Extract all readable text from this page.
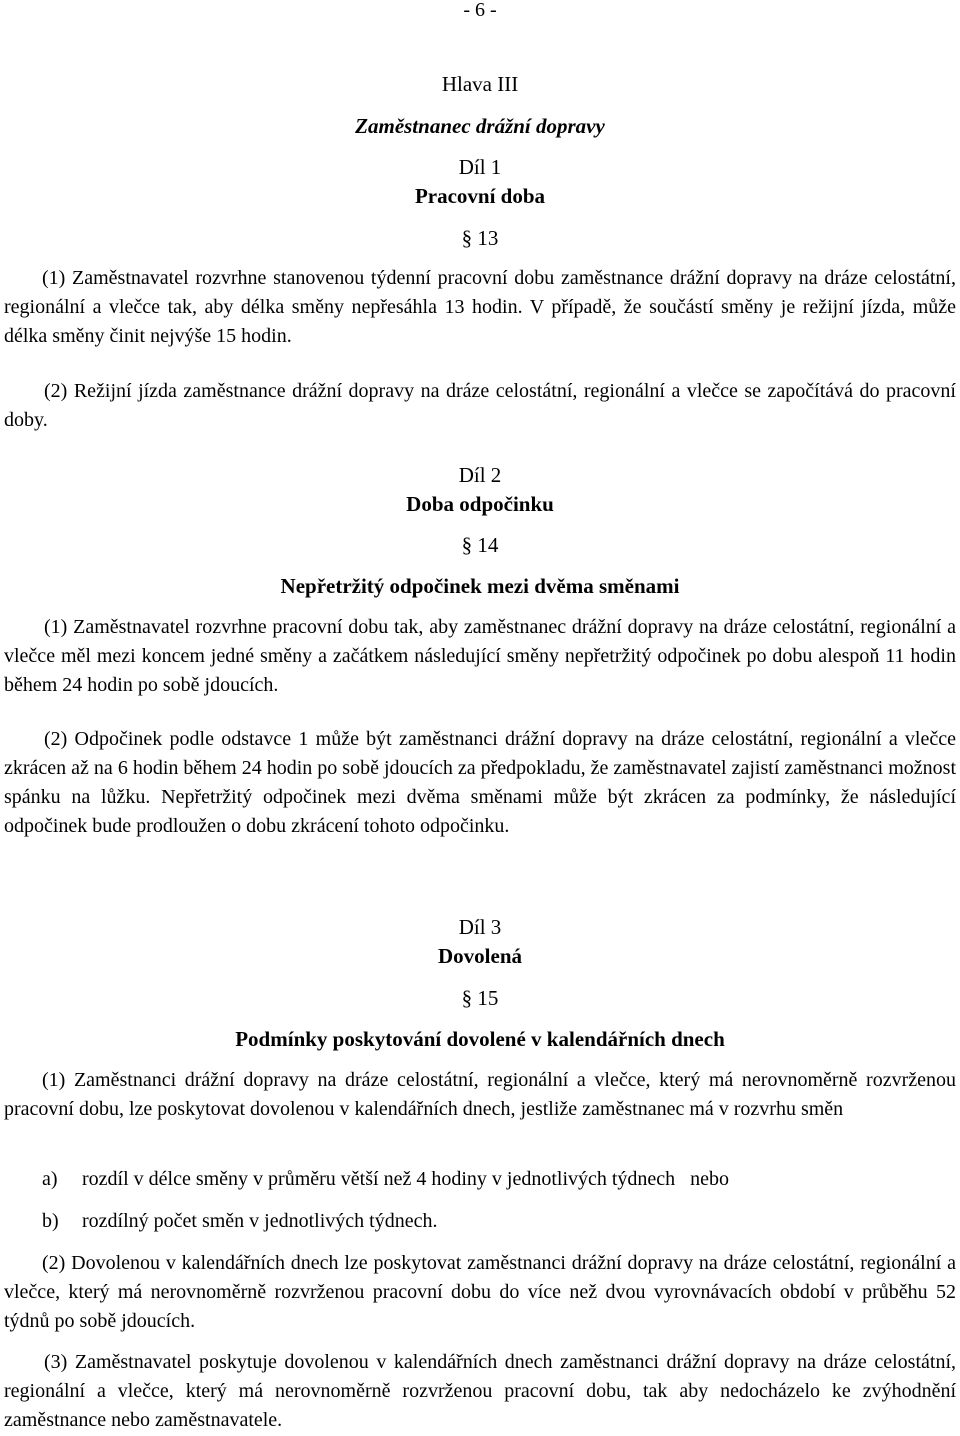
- 6 -

Hlava III

Zaměstnanec drážní dopravy

Díl 1

Pracovní doba

§ 13

(1) Zaměstnavatel rozvrhne stanovenou týdenní pracovní dobu zaměstnance drážní dopravy na dráze celostátní, regionální a vlečce tak, aby délka směny nepřesáhla 13 hodin. V případě, že součástí směny je režijní jízda, může délka směny činit nejvýše 15 hodin.

(2) Režijní jízda zaměstnance drážní dopravy na dráze celostátní, regionální a vlečce se započítává do pracovní doby.

Díl 2

Doba odpočinku

§ 14

Nepřetržitý odpočinek mezi dvěma směnami

(1) Zaměstnavatel rozvrhne pracovní dobu tak, aby zaměstnanec drážní dopravy na dráze celostátní, regionální a vlečce měl mezi koncem jedné směny a začátkem následující směny nepřetržitý odpočinek po dobu alespoň 11 hodin během 24 hodin po sobě jdoucích.

(2) Odpočinek podle odstavce 1 může být zaměstnanci drážní dopravy na dráze celostátní, regionální a vlečce zkrácen až na 6 hodin během 24 hodin po sobě jdoucích za předpokladu, že zaměstnavatel zajistí zaměstnanci možnost spánku na lůžku. Nepřetržitý odpočinek mezi dvěma směnami může být zkrácen za podmínky, že následující odpočinek bude prodloužen o dobu zkrácení tohoto odpočinku.

Díl 3

Dovolená

§ 15

Podmínky poskytování dovolené v kalendářních dnech

(1) Zaměstnanci drážní dopravy na dráze celostátní, regionální a vlečce, který má nerovnoměrně rozvrženou pracovní dobu, lze poskytovat dovolenou v kalendářních dnech, jestliže zaměstnanec má v rozvrhu směn

a) rozdíl v délce směny v průměru větší než 4 hodiny v jednotlivých týdnech   nebo

b) rozdílný počet směn v jednotlivých týdnech.

(2) Dovolenou v kalendářních dnech lze poskytovat zaměstnanci drážní dopravy na dráze celostátní, regionální a vlečce, který má nerovnoměrně rozvrženou pracovní dobu do více než dvou vyrovnávacích období v průběhu 52 týdnů po sobě jdoucích.

(3) Zaměstnavatel poskytuje dovolenou v kalendářních dnech zaměstnanci drážní dopravy na dráze celostátní, regionální a vlečce, který má nerovnoměrně rozvrženou pracovní dobu, tak aby nedocházelo ke zvýhodnění zaměstnance nebo zaměstnavatele.
